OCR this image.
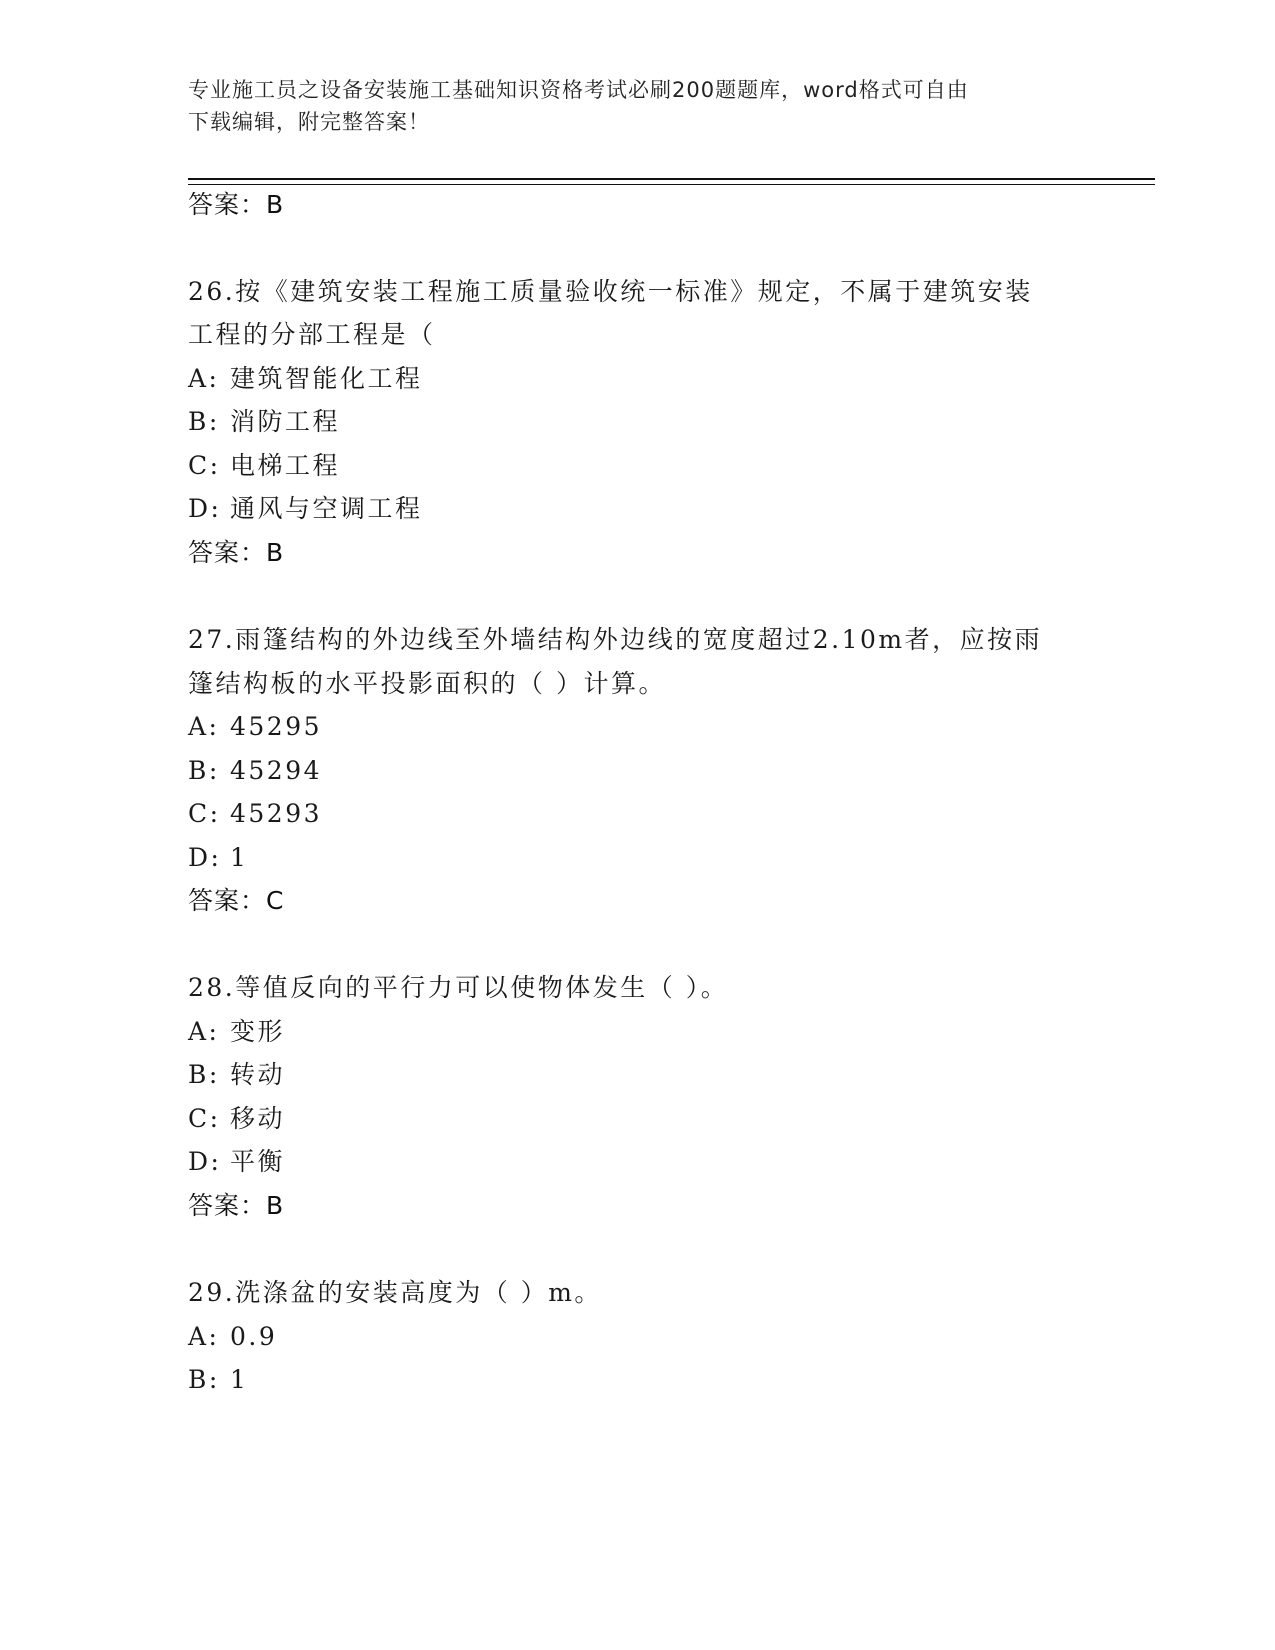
专业施工员之设备安装施工基础知识资格考试必刷200题题库，word格式可自由
下载编辑，附完整答案！
答案：B
26.按《建筑安装工程施工质量验收统一标准》规定，不属于建筑安装
工程的分部工程是（
A: 建筑智能化工程
B: 消防工程
C: 电梯工程
D: 通风与空调工程
答案：B
27.雨篷结构的外边线至外墙结构外边线的宽度超过2.10m者，应按雨
篷结构板的水平投影面积的（ ）计算。
A: 45295
B: 45294
C: 45293
D: 1
答案：C
28.等值反向的平行力可以使物体发生（ ）。
A: 变形
B: 转动
C: 移动
D: 平衡
答案：B
29.洗涤盆的安装高度为（ ）m。
A: 0.9
B: 1
